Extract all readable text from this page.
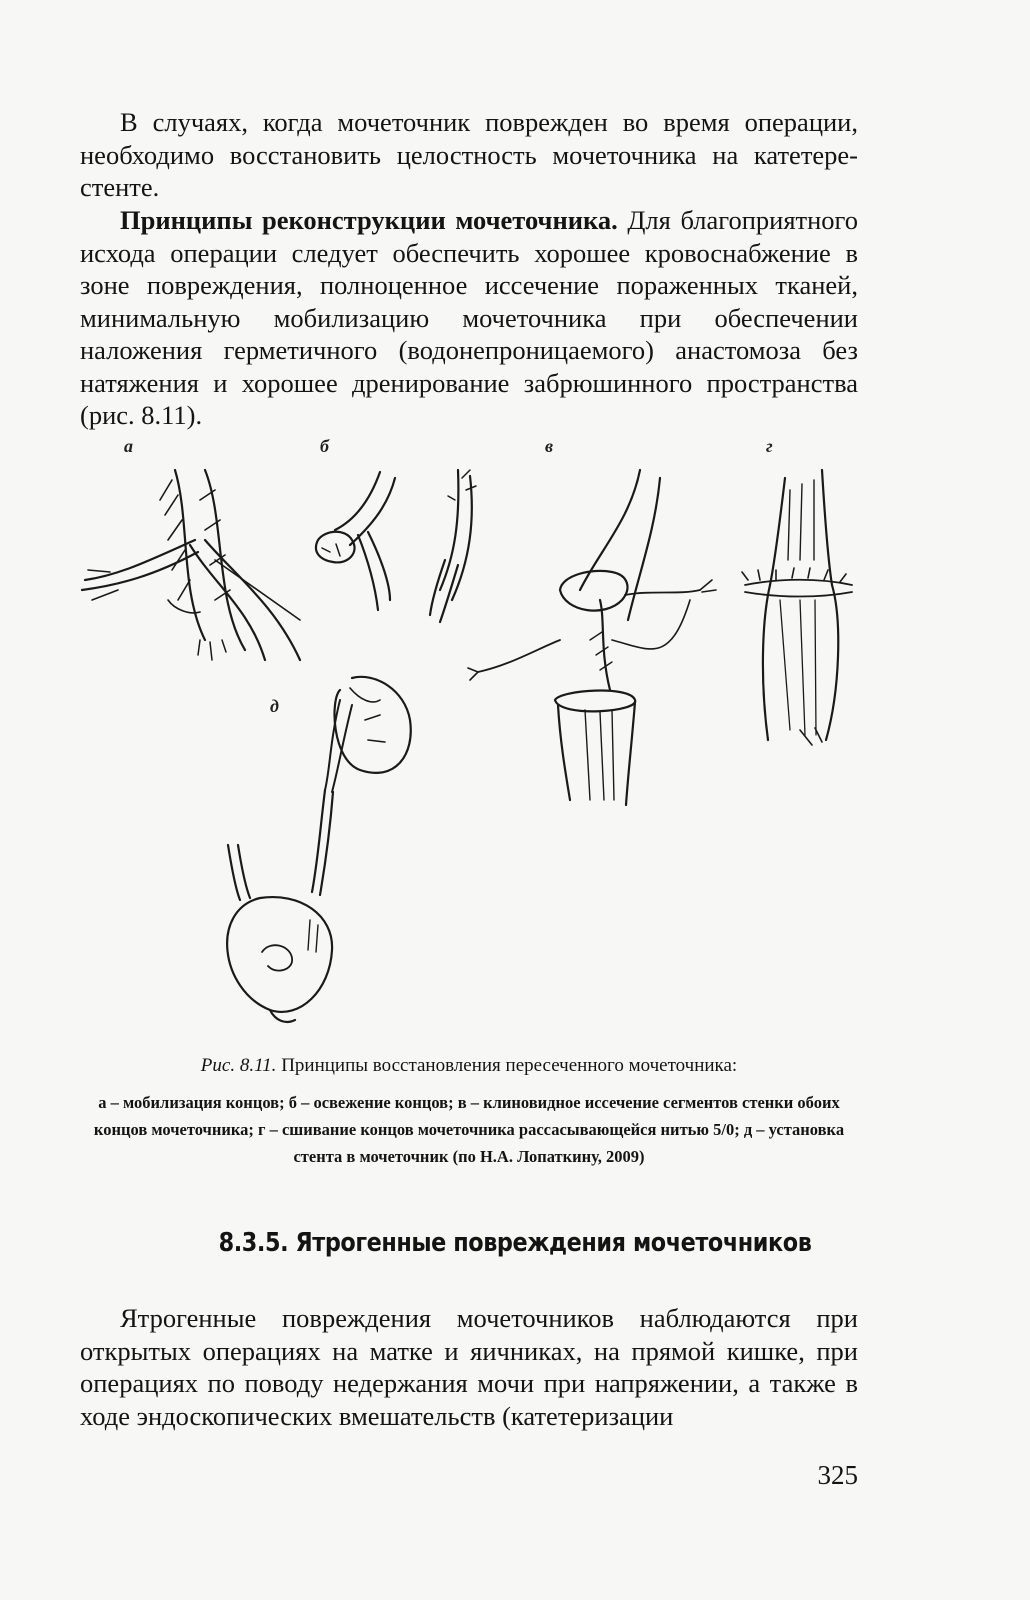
В случаях, когда мочеточник поврежден во время операции, необходимо восстановить целостность мочеточника на катетере-стенте.

Принципы реконструкции мочеточника. Для благоприятного исхода операции следует обеспечить хорошее кровоснабжение в зоне повреждения, полноценное иссечение пораженных тканей, минимальную мобилизацию мочеточника при обеспечении наложения герметичного (водонепроницаемого) анастомоза без натяжения и хорошее дренирование забрюшинного пространства (рис. 8.11).

а	б	в	г
д

Рис. 8.11. Принципы восстановления пересеченного мочеточника:

а – мобилизация концов; б – освежение концов; в – клиновидное иссечение сегментов стенки обоих концов мочеточника; г – сшивание концов мочеточника рассасывающейся нитью 5/0; д – установка стента в мочеточник (по Н.А. Лопаткину, 2009)

8.3.5. Ятрогенные повреждения мочеточников

Ятрогенные повреждения мочеточников наблюдаются при открытых операциях на матке и яичниках, на прямой кишке, при операциях по поводу недержания мочи при напряжении, а также в ходе эндоскопических вмешательств (катетеризации

325
